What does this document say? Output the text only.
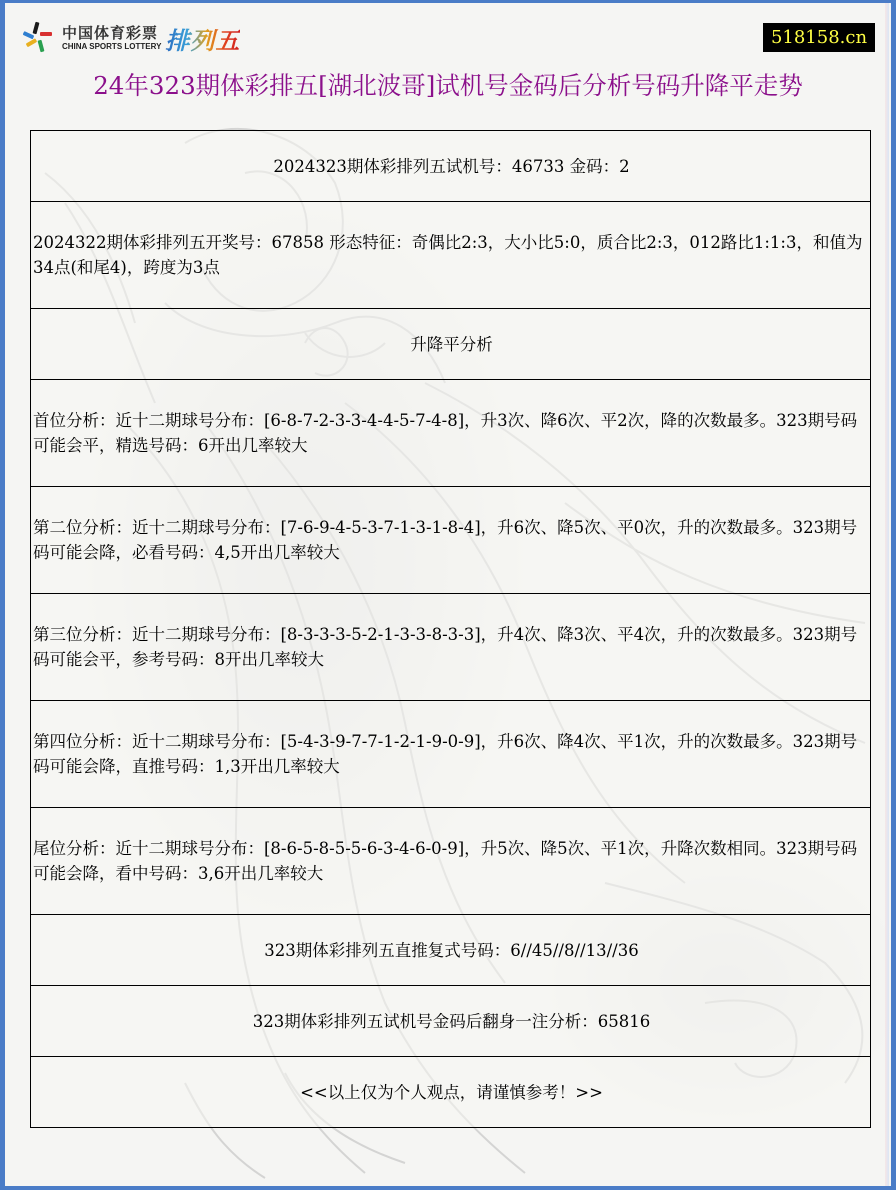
中国体育彩票
CHINA SPORTS LOTTERY 排列五	518158.cn
24年323期体彩排五[湖北波哥]试机号金码后分析号码升降平走势
2024323期体彩排列五试机号：46733 金码：2
2024322期体彩排列五开奖号：67858 形态特征：奇偶比2:3，大小比5:0，质合比2:3，012路比1:1:3，和值为34点(和尾4)，跨度为3点
升降平分析
首位分析：近十二期球号分布：[6-8-7-2-3-3-4-4-5-7-4-8]，升3次、降6次、平2次，降的次数最多。323期号码可能会平，精选号码：6开出几率较大
第二位分析：近十二期球号分布：[7-6-9-4-5-3-7-1-3-1-8-4]，升6次、降5次、平0次，升的次数最多。323期号码可能会降，必看号码：4,5开出几率较大
第三位分析：近十二期球号分布：[8-3-3-3-5-2-1-3-3-8-3-3]，升4次、降3次、平4次，升的次数最多。323期号码可能会平，参考号码：8开出几率较大
第四位分析：近十二期球号分布：[5-4-3-9-7-7-1-2-1-9-0-9]，升6次、降4次、平1次，升的次数最多。323期号码可能会降，直推号码：1,3开出几率较大
尾位分析：近十二期球号分布：[8-6-5-8-5-5-6-3-4-6-0-9]，升5次、降5次、平1次，升降次数相同。323期号码可能会降，看中号码：3,6开出几率较大
323期体彩排列五直推复式号码：6//45//8//13//36
323期体彩排列五试机号金码后翻身一注分析：65816
<<以上仅为个人观点，请谨慎参考！>>
